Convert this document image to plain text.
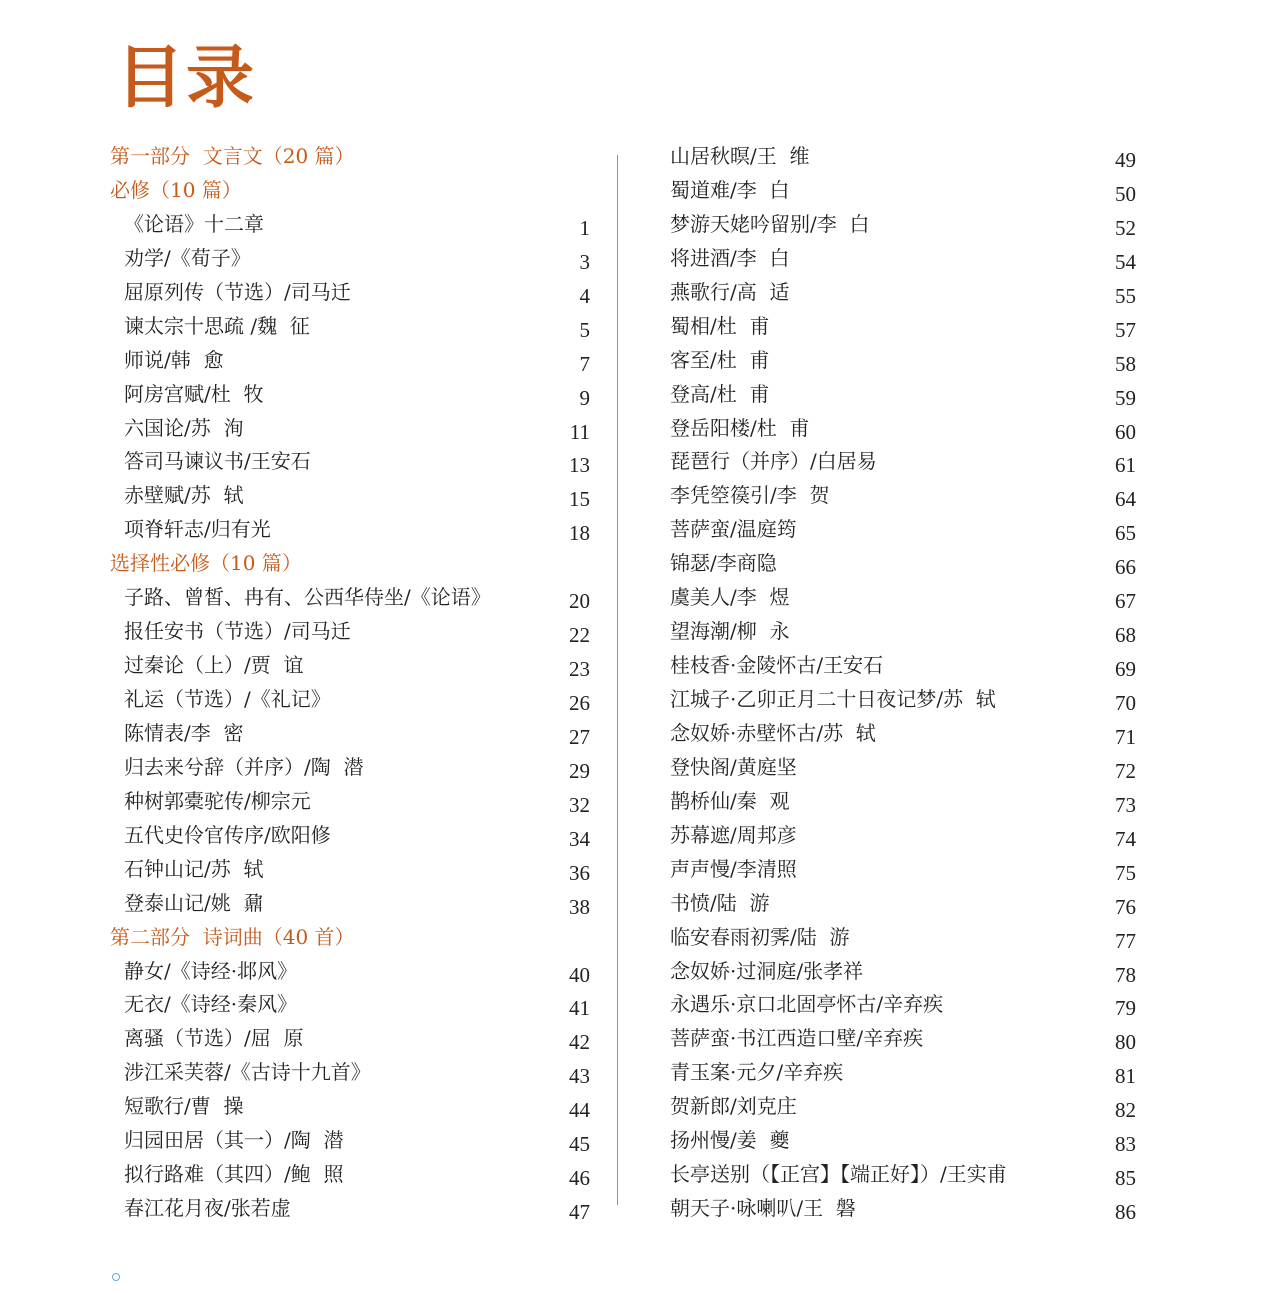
目录
第一部分  文言文（20 篇）
必修（10 篇）
《论语》十二章	1
劝学/《荀子》	3
屈原列传（节选）/司马迁	4
谏太宗十思疏 /魏  征	5
师说/韩  愈	7
阿房宫赋/杜  牧	9
六国论/苏  洵	11
答司马谏议书/王安石	13
赤壁赋/苏  轼	15
项脊轩志/归有光	18
选择性必修（10 篇）
子路、曾皙、冉有、公西华侍坐/《论语》	20
报任安书（节选）/司马迁	22
过秦论（上）/贾  谊	23
礼运（节选）/《礼记》	26
陈情表/李  密	27
归去来兮辞（并序）/陶  潜	29
种树郭橐驼传/柳宗元	32
五代史伶官传序/欧阳修	34
石钟山记/苏  轼	36
登泰山记/姚  鼐	38
第二部分  诗词曲（40 首）
静女/《诗经·邶风》	40
无衣/《诗经·秦风》	41
离骚（节选）/屈  原	42
涉江采芙蓉/《古诗十九首》	43
短歌行/曹  操	44
归园田居（其一）/陶  潜	45
拟行路难（其四）/鲍  照	46
春江花月夜/张若虚	47
山居秋暝/王  维	49
蜀道难/李  白	50
梦游天姥吟留别/李  白	52
将进酒/李  白	54
燕歌行/高  适	55
蜀相/杜  甫	57
客至/杜  甫	58
登高/杜  甫	59
登岳阳楼/杜  甫	60
琵琶行（并序）/白居易	61
李凭箜篌引/李  贺	64
菩萨蛮/温庭筠	65
锦瑟/李商隐	66
虞美人/李  煜	67
望海潮/柳  永	68
桂枝香·金陵怀古/王安石	69
江城子·乙卯正月二十日夜记梦/苏  轼	70
念奴娇·赤壁怀古/苏  轼	71
登快阁/黄庭坚	72
鹊桥仙/秦  观	73
苏幕遮/周邦彦	74
声声慢/李清照	75
书愤/陆  游	76
临安春雨初霁/陆  游	77
念奴娇·过洞庭/张孝祥	78
永遇乐·京口北固亭怀古/辛弃疾	79
菩萨蛮·书江西造口壁/辛弃疾	80
青玉案·元夕/辛弃疾	81
贺新郎/刘克庄	82
扬州慢/姜  夔	83
长亭送别（【正宫】【端正好】）/王实甫	85
朝天子·咏喇叭/王  磐	86
